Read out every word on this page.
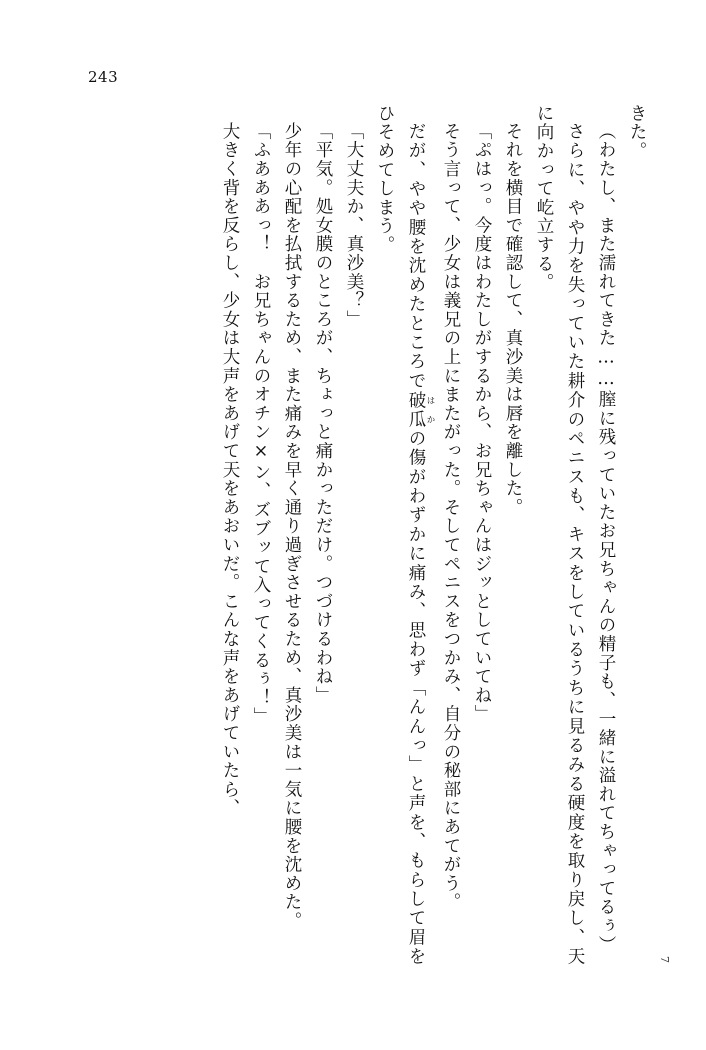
243

きた。

（わたし、また濡れてきた……膣に残っていたお兄ちゃんの精子も、一緒に溢れてちゃってるぅ）

さらに、やや力を失っていた耕介のペニスも、キスをしているうちに見るみる硬度を取り戻し、天に向かって屹立する。

それを横目で確認して、真沙美は唇を離した。

「ぷはっ。今度はわたしがするから、お兄ちゃんはジッとしていてね」

そう言って、少女は義兄の上にまたがった。そしてペニスをつかみ、自分の秘部にあてがう。

だが、やや腰を沈めたところで破瓜 はかの傷がわずかに痛み、思わず「んんっ」と声を、もらして眉をひそめてしまう。

「大丈夫か、真沙美？」

「平気。処女膜のところが、ちょっと痛かっただけ。つづけるわね」

少年の心配を払拭するため、また痛みを早く通り過ぎさせるため、真沙美は一気に腰を沈めた。

「ふあああっ！　お兄ちゃんのオチン×ン、ズブッて入ってくるぅ！」

大きく背を反らし、少女は大声をあげて天をあおいだ。こんな声をあげていたら、

7
